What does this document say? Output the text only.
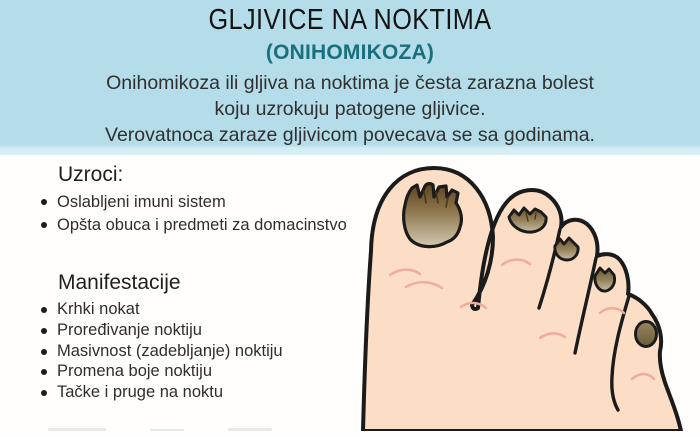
GLJIVICE NA NOKTIMA
(ONIHOMIKOZA)
Onihomikoza ili gljiva na noktima je česta zarazna bolest
koju uzrokuju patogene gljivice.
Verovatnoca zaraze gljivicom povecava se sa godinama.
Uzroci:
Oslabljeni imuni sistem
Opšta obuca i predmeti za domacinstvo
Manifestacije
Krhki nokat
Proređivanje noktiju
Masivnost (zadebljanje) noktiju
Promena boje noktiju
Tačke i pruge na noktu
